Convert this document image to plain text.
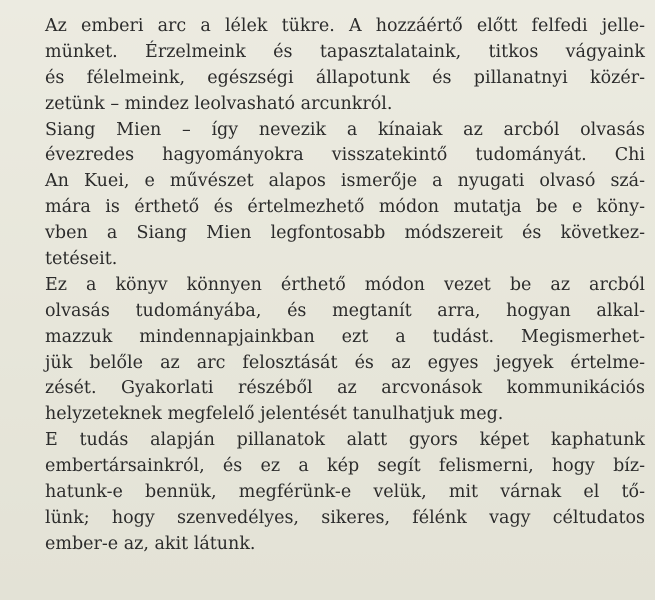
Az emberi arc a lélek tükre. A hozzáértő előtt felfedi jelle-
münket. Érzelmeink és tapasztalataink, titkos vágyaink
és félelmeink, egészségi állapotunk és pillanatnyi közér-
zetünk – mindez leolvasható arcunkról.
Siang Mien – így nevezik a kínaiak az arcból olvasás
évezredes hagyományokra visszatekintő tudományát. Chi
An Kuei, e művészet alapos ismerője a nyugati olvasó szá-
mára is érthető és értelmezhető módon mutatja be e köny-
vben a Siang Mien legfontosabb módszereit és következ-
tetéseit.
Ez a könyv könnyen érthető módon vezet be az arcból
olvasás tudományába, és megtanít arra, hogyan alkal-
mazzuk mindennapjainkban ezt a tudást. Megismerhet-
jük belőle az arc felosztását és az egyes jegyek értelme-
zését. Gyakorlati részéből az arcvonások kommunikációs
helyzeteknek megfelelő jelentését tanulhatjuk meg.
E tudás alapján pillanatok alatt gyors képet kaphatunk
embertársainkról, és ez a kép segít felismerni, hogy bíz-
hatunk-e bennük, megférünk-e velük, mit várnak el tő-
lünk; hogy szenvedélyes, sikeres, félénk vagy céltudatos
ember-e az, akit látunk.
